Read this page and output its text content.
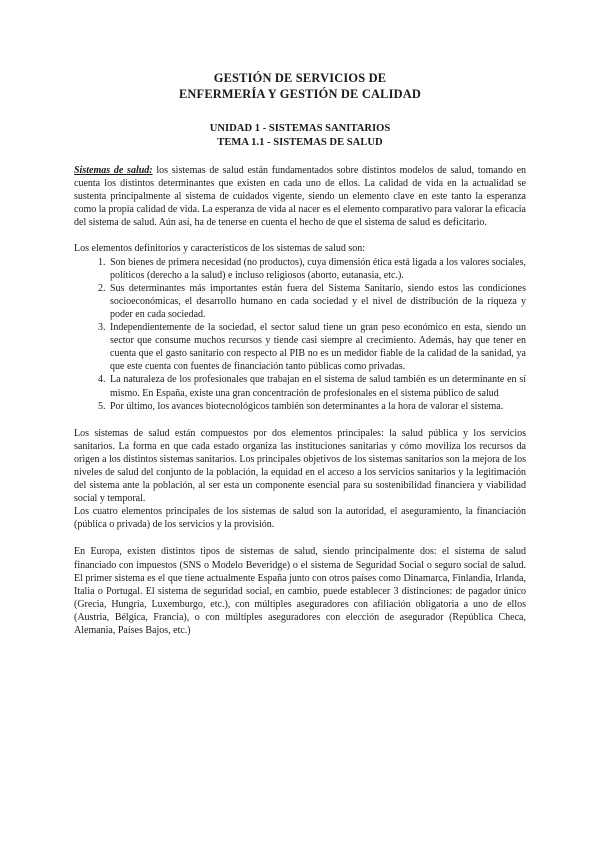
GESTIÓN DE SERVICIOS DE
ENFERMERÍA Y GESTIÓN DE CALIDAD
UNIDAD 1 - SISTEMAS SANITARIOS
TEMA 1.1 - SISTEMAS DE SALUD

Sistemas de salud: los sistemas de salud están fundamentados sobre distintos modelos de salud, tomando en cuenta los distintos determinantes que existen en cada uno de ellos. La calidad de vida en la actualidad se sustenta principalmente al sistema de cuidados vigente, siendo un elemento clave en este tanto la esperanza como la propia calidad de vida. La esperanza de vida al nacer es el elemento comparativo para valorar la eficacia del sistema de salud. Aún así, ha de tenerse en cuenta el hecho de que el sistema de salud es deficitario.

Los elementos definitorios y característicos de los sistemas de salud son:
1. Son bienes de primera necesidad (no productos), cuya dimensión ética está ligada a los valores sociales, políticos (derecho a la salud) e incluso religiosos (aborto, eutanasia, etc.).
2. Sus determinantes más importantes están fuera del Sistema Sanitario, siendo estos las condiciones socioeconómicas, el desarrollo humano en cada sociedad y el nivel de distribución de la riqueza y poder en cada sociedad.
3. Independientemente de la sociedad, el sector salud tiene un gran peso económico en esta, siendo un sector que consume muchos recursos y tiende casi siempre al crecimiento. Además, hay que tener en cuenta que el gasto sanitario con respecto al PIB no es un medidor fiable de la calidad de la sanidad, ya que este cuenta con fuentes de financiación tanto públicas como privadas.
4. La naturaleza de los profesionales que trabajan en el sistema de salud también es un determinante en sí mismo. En España, existe una gran concentración de profesionales en el sistema público de salud
5. Por último, los avances biotecnológicos también son determinantes a la hora de valorar el sistema.
Los sistemas de salud están compuestos por dos elementos principales: la salud pública y los servicios sanitarios. La forma en que cada estado organiza las instituciones sanitarias y cómo moviliza los recursos da origen a los distintos sistemas sanitarios. Los principales objetivos de los sistemas sanitarios son la mejora de los niveles de salud del conjunto de la población, la equidad en el acceso a los servicios sanitarios y la legitimación del sistema ante la población, al ser esta un componente esencial para su sostenibilidad financiera y viabilidad social y temporal.
Los cuatro elementos principales de los sistemas de salud son la autoridad, el aseguramiento, la financiación (pública o privada) de los servicios y la provisión.
En Europa, existen distintos tipos de sistemas de salud, siendo principalmente dos: el sistema de salud financiado con impuestos (SNS o Modelo Beveridge) o el sistema de Seguridad Social o seguro social de salud. El primer sistema es el que tiene actualmente España junto con otros países como Dinamarca, Finlandia, Irlanda, Italia o Portugal. El sistema de seguridad social, en cambio, puede establecer 3 distinciones: de pagador único (Grecia, Hungría, Luxemburgo, etc.), con múltiples aseguradores con afiliación obligatoria a uno de ellos (Austria, Bélgica, Francia), o con múltiples aseguradores con elección de asegurador (República Checa, Alemania, Países Bajos, etc.)
